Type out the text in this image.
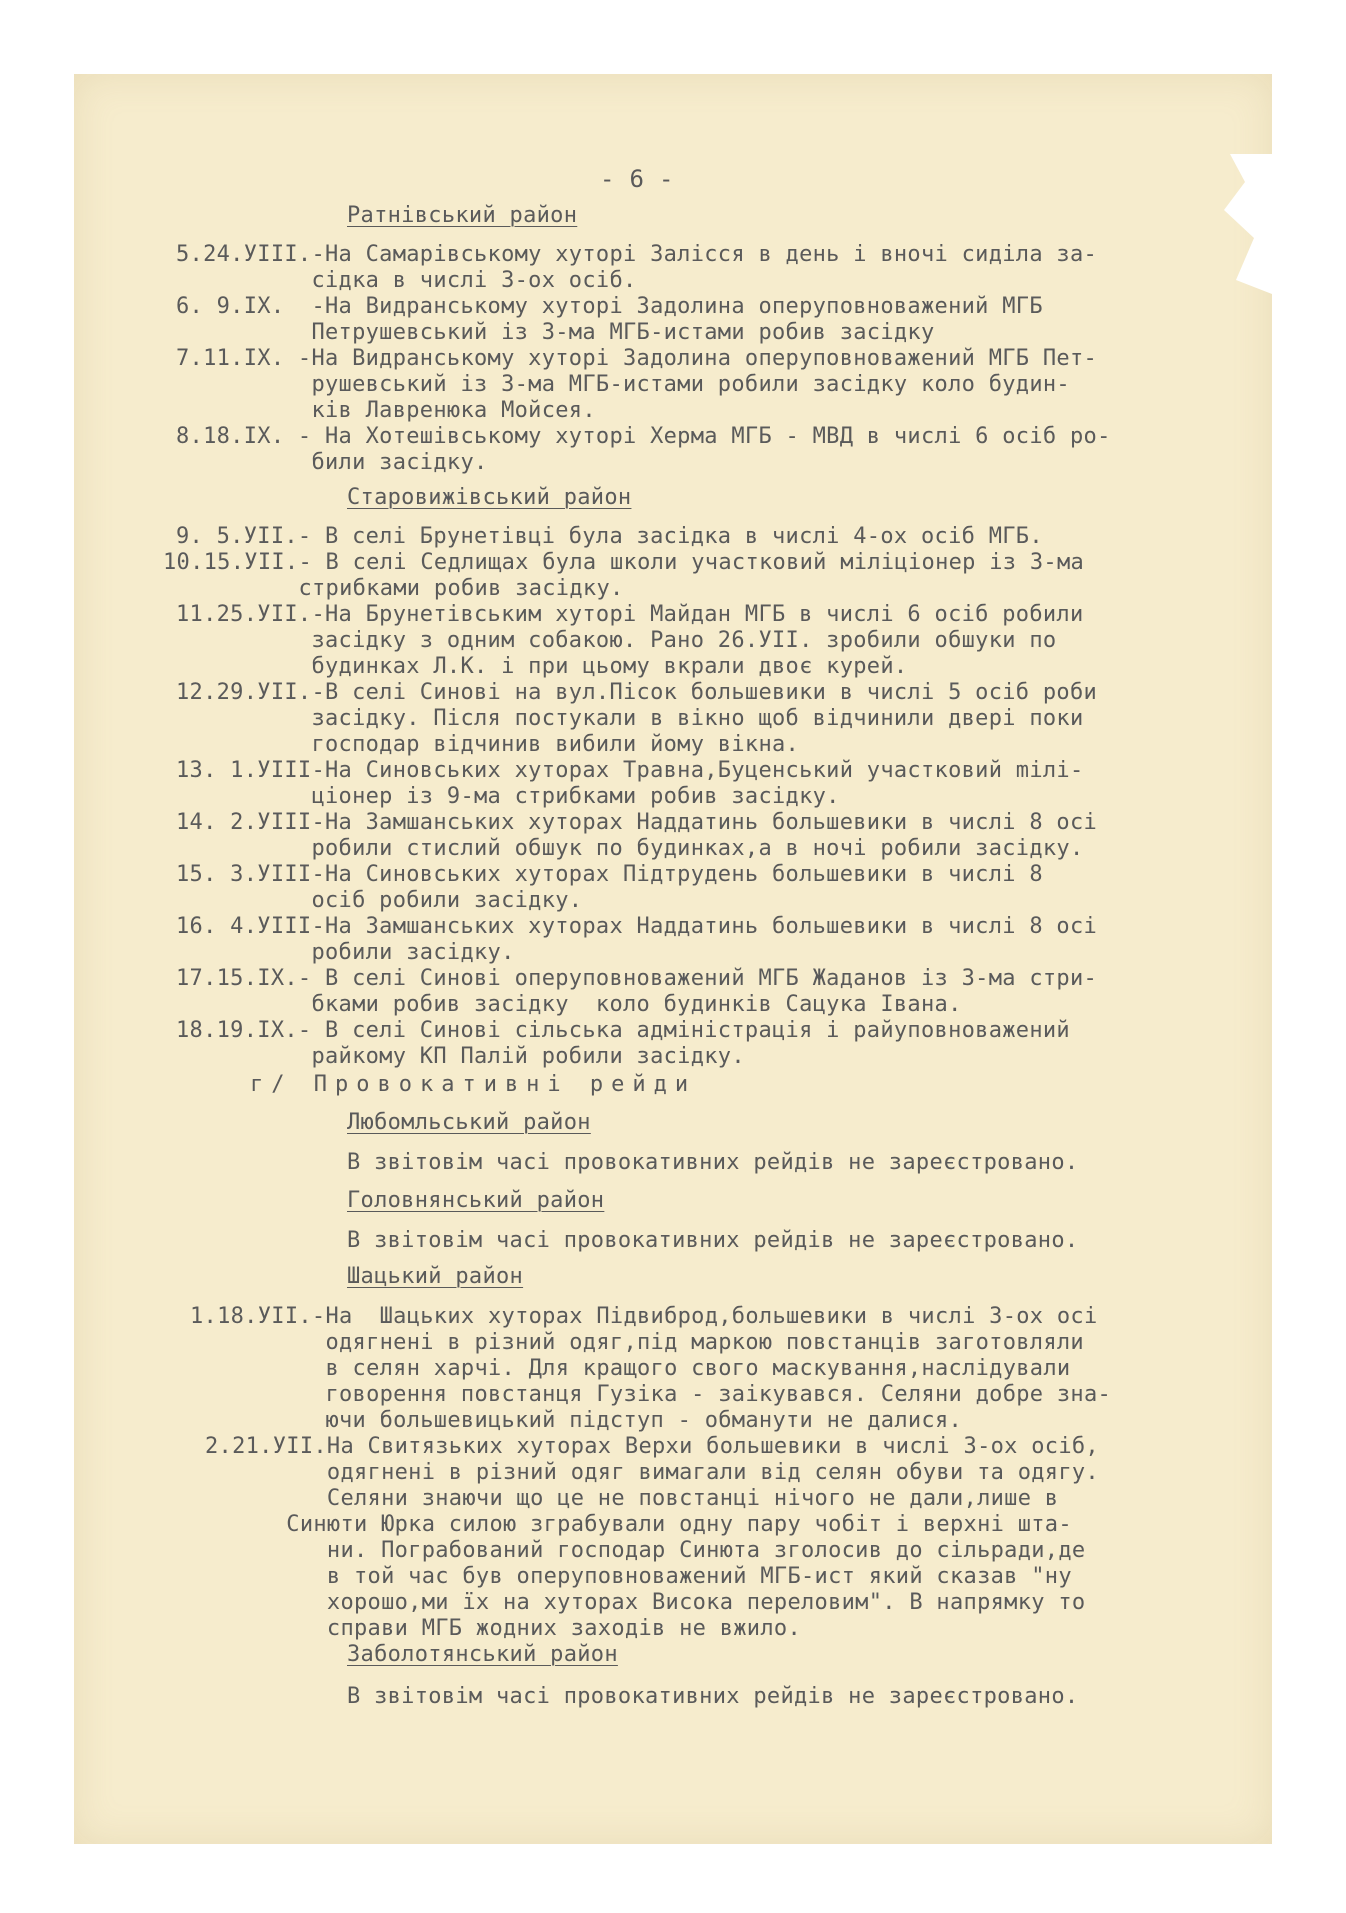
- 6 -
Ратнівський район
5.24.УІІІ.-На Самарівському хуторі Залісся в день і вночі сиділа за-
сідка в числі 3-ох осіб.
6. 9.ІХ.  -На Видранському хуторі Задолина оперуповноважений МГБ
Петрушевський із 3-ма МГБ-истами робив засідку
7.11.ІХ. -На Видранському хуторі Задолина оперуповноважений МГБ Пет-
рушевський із 3-ма МГБ-истами робили засідку коло будин-
ків Лавренюка Мойсея.
8.18.ІХ. - На Хотешівському хуторі Херма МГБ - МВД в числі 6 осіб ро-
били засідку.
Старовижівський район
9. 5.УІІ.- В селі Брунетівці була засідка в числі 4-ох осіб МГБ.
10.15.УІІ.- В селі Седлищах була школи участковий міліціонер із 3-ма
стрибками робив засідку.
11.25.УІІ.-На Брунетівським хуторі Майдан МГБ в числі 6 осіб робили
засідку з одним собакою. Рано 26.УІІ. зробили обшуки по
будинках Л.К. і при цьому вкрали двоє курей.
12.29.УІІ.-В селі Синові на вул.Пісок большевики в числі 5 осіб роби
засідку. Після постукали в вікно щоб відчинили двері поки
господар відчинив вибили йому вікна.
13. 1.УІІІ-На Синовських хуторах Травна,Буценський участковий mілі-
ціонер із 9-ма стрибками робив засідку.
14. 2.УІІІ-На Замшанських хуторах Наддатинь большевики в числі 8 осі
робили стислий обшук по будинках,а в ночі робили засідку.
15. 3.УІІІ-На Синовських хуторах Підтрудень большевики в числі 8
осіб робили засідку.
16. 4.УІІІ-На Замшанських хуторах Наддатинь большевики в числі 8 осі
робили засідку.
17.15.ІХ.- В селі Синові оперуповноважений МГБ Жаданов із 3-ма стри-
бками робив засідку  коло будинків Сацука Івана.
18.19.ІХ.- В селі Синові сільська адміністрація і райуповноважений
райкому КП Палій робили засідку.
г/ Провокативні рейди
Любомльський район
В звітовім часі провокативних рейдів не зареєстровано.
Головнянський район
В звітовім часі провокативних рейдів не зареєстровано.
Шацький район
1.18.УІІ.-На  Шацьких хуторах Підвиброд,большевики в числі 3-ох осі
одягнені в різний одяг,під маркою повстанців заготовляли
в селян харчі. Для кращого свого маскування,наслідували
говорення повстанця Гузіка - заікувався. Селяни добре зна-
ючи большевицький підступ - обманути не далися.
2.21.УІІ.На Свитязьких хуторах Верхи большевики в числі 3-ох осіб,
одягнені в різний одяг вимагали від селян обуви та одягу.
Селяни знаючи що це не повстанці нічого не дали,лише в
Синюти Юрка силою зграбували одну пару чобіт і верхні шта-
ни. Пограбований господар Синюта зголосив до сільради,де
в той час був оперуповноважений МГБ-ист який сказав "ну
хорошо,ми їх на хуторах Висока переловим". В напрямку то
справи МГБ жодних заходів не вжило.
Заболотянський район
В звітовім часі провокативних рейдів не зареєстровано.
